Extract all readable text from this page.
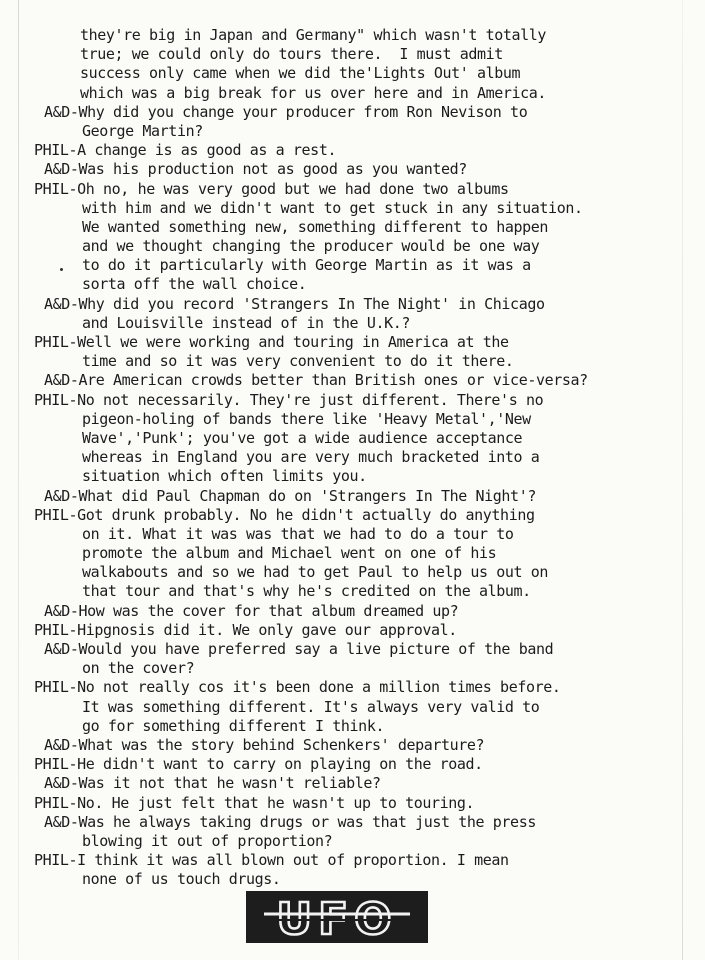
they're big in Japan and Germany" which wasn't totally
true; we could only do tours there.  I must admit
success only came when we did the'Lights Out' album
which was a big break for us over here and in America.
A&D-Why did you change your producer from Ron Nevison to
George Martin?
PHIL-A change is as good as a rest.
A&D-Was his production not as good as you wanted?
PHIL-Oh no, he was very good but we had done two albums
with him and we didn't want to get stuck in any situation.
We wanted something new, something different to happen
and we thought changing the producer would be one way
to do it particularly with George Martin as it was a
sorta off the wall choice.
A&D-Why did you record 'Strangers In The Night' in Chicago
and Louisville instead of in the U.K.?
PHIL-Well we were working and touring in America at the
time and so it was very convenient to do it there.
A&D-Are American crowds better than British ones or vice-versa?
PHIL-No not necessarily. They're just different. There's no
pigeon-holing of bands there like 'Heavy Metal','New
Wave','Punk'; you've got a wide audience acceptance
whereas in England you are very much bracketed into a
situation which often limits you.
A&D-What did Paul Chapman do on 'Strangers In The Night'?
PHIL-Got drunk probably. No he didn't actually do anything
on it. What it was was that we had to do a tour to
promote the album and Michael went on one of his
walkabouts and so we had to get Paul to help us out on
that tour and that's why he's credited on the album.
A&D-How was the cover for that album dreamed up?
PHIL-Hipgnosis did it. We only gave our approval.
A&D-Would you have preferred say a live picture of the band
on the cover?
PHIL-No not really cos it's been done a million times before.
It was something different. It's always very valid to
go for something different I think.
A&D-What was the story behind Schenkers' departure?
PHIL-He didn't want to carry on playing on the road.
A&D-Was it not that he wasn't reliable?
PHIL-No. He just felt that he wasn't up to touring.
A&D-Was he always taking drugs or was that just the press
blowing it out of proportion?
PHIL-I think it was all blown out of proportion. I mean
none of us touch drugs.
UFO
